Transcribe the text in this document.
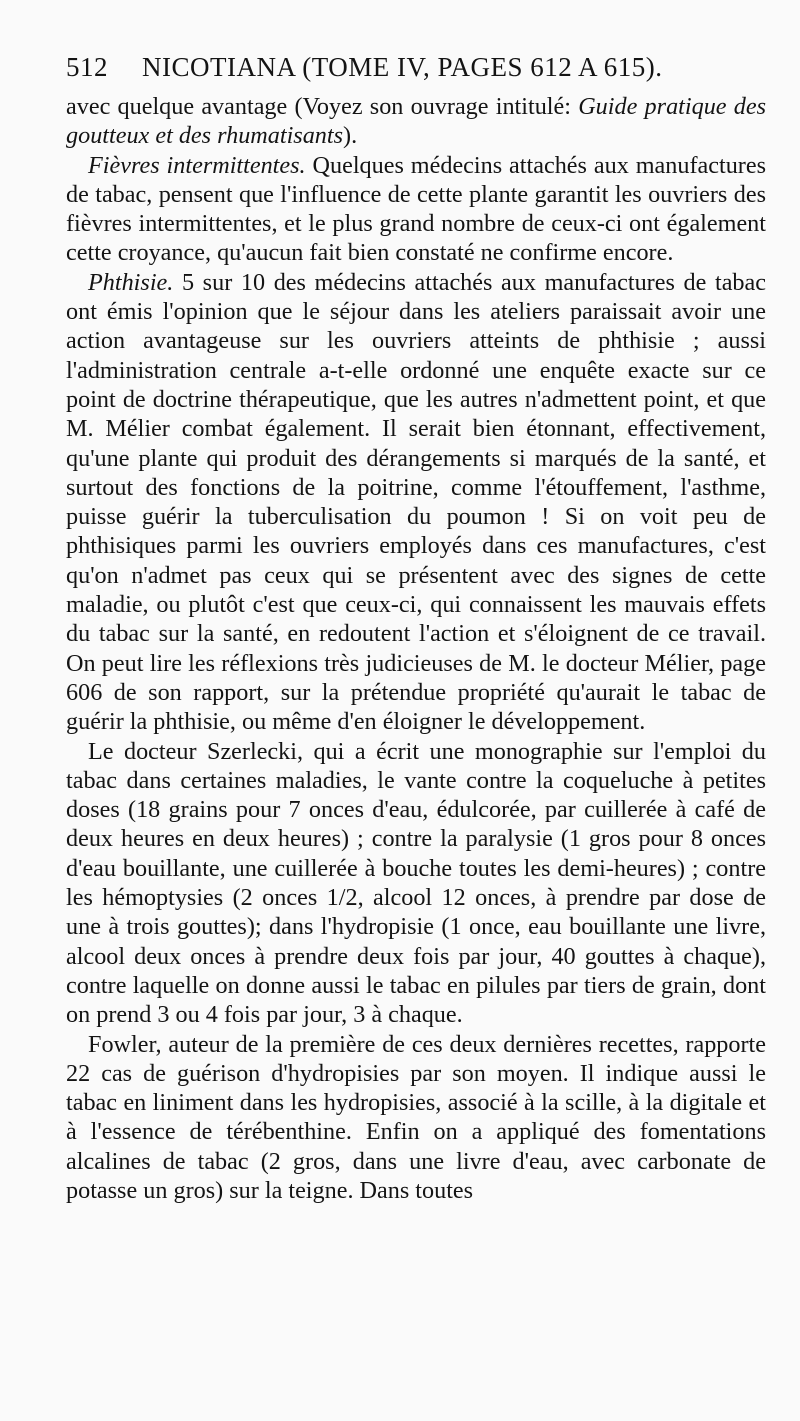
512 NICOTIANA (TOME IV, PAGES 612 A 615).

avec quelque avantage (Voyez son ouvrage intitulé: Guide pratique des goutteux et des rhumatisants).

Fièvres intermittentes. Quelques médecins attachés aux manufactures de tabac, pensent que l'influence de cette plante garantit les ouvriers des fièvres intermittentes, et le plus grand nombre de ceux-ci ont également cette croyance, qu'aucun fait bien constaté ne confirme encore.

Phthisie. 5 sur 10 des médecins attachés aux manufactures de tabac ont émis l'opinion que le séjour dans les ateliers paraissait avoir une action avantageuse sur les ouvriers atteints de phthisie ; aussi l'administration centrale a-t-elle ordonné une enquête exacte sur ce point de doctrine thérapeutique, que les autres n'admettent point, et que M. Mélier combat également. Il serait bien étonnant, effectivement, qu'une plante qui produit des dérangements si marqués de la santé, et surtout des fonctions de la poitrine, comme l'étouffement, l'asthme, puisse guérir la tuberculisation du poumon ! Si on voit peu de phthisiques parmi les ouvriers employés dans ces manufactures, c'est qu'on n'admet pas ceux qui se présentent avec des signes de cette maladie, ou plutôt c'est que ceux-ci, qui connaissent les mauvais effets du tabac sur la santé, en redoutent l'action et s'éloignent de ce travail. On peut lire les réflexions très judicieuses de M. le docteur Mélier, page 606 de son rapport, sur la prétendue propriété qu'aurait le tabac de guérir la phthisie, ou même d'en éloigner le développement.

Le docteur Szerlecki, qui a écrit une monographie sur l'emploi du tabac dans certaines maladies, le vante contre la coqueluche à petites doses (18 grains pour 7 onces d'eau, édulcorée, par cuillerée à café de deux heures en deux heures) ; contre la paralysie (1 gros pour 8 onces d'eau bouillante, une cuillerée à bouche toutes les demi-heures) ; contre les hémoptysies (2 onces 1/2, alcool 12 onces, à prendre par dose de une à trois gouttes); dans l'hydropisie (1 once, eau bouillante une livre, alcool deux onces à prendre deux fois par jour, 40 gouttes à chaque), contre laquelle on donne aussi le tabac en pilules par tiers de grain, dont on prend 3 ou 4 fois par jour, 3 à chaque.

Fowler, auteur de la première de ces deux dernières recettes, rapporte 22 cas de guérison d'hydropisies par son moyen. Il indique aussi le tabac en liniment dans les hydropisies, associé à la scille, à la digitale et à l'essence de térébenthine. Enfin on a appliqué des fomentations alcalines de tabac (2 gros, dans une livre d'eau, avec carbonate de potasse un gros) sur la teigne. Dans toutes
